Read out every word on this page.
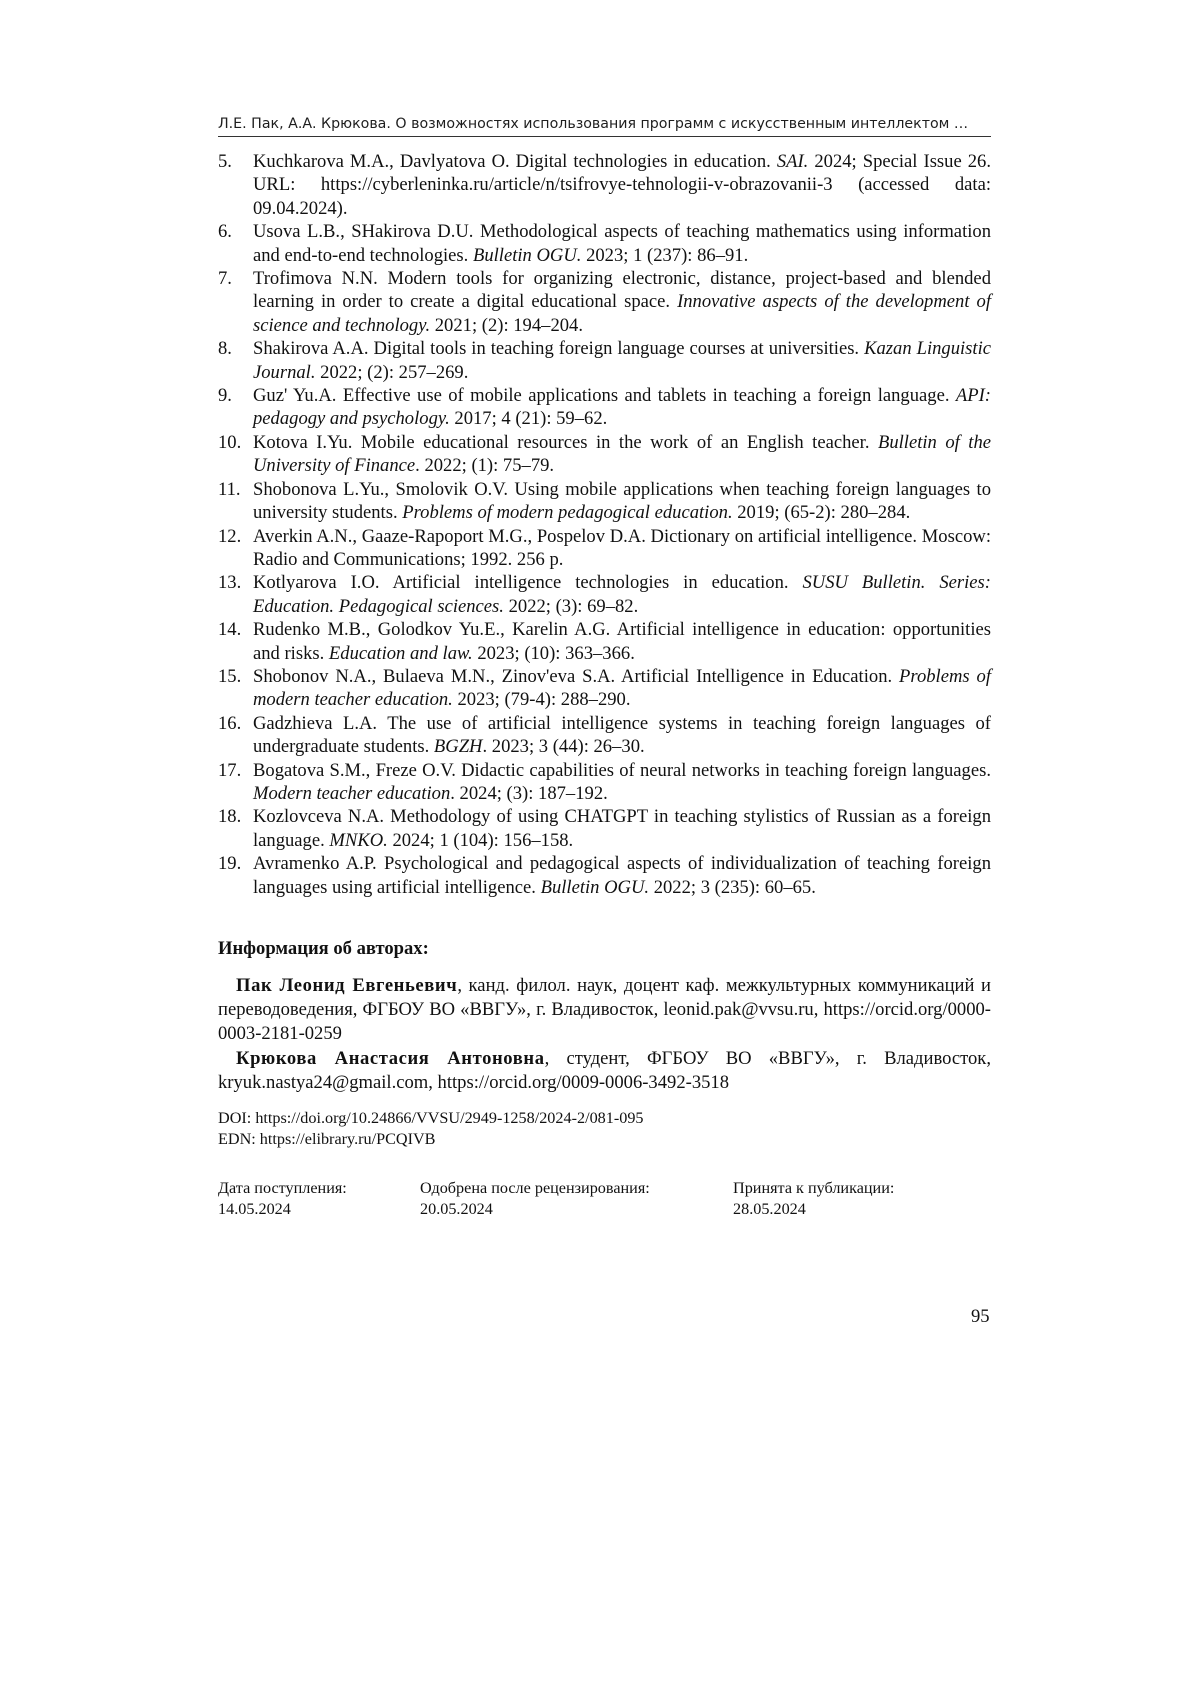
Л.Е. Пак, А.А. Крюкова. О возможностях использования программ с искусственным интеллектом …
5. Kuchkarova M.A., Davlyatova O. Digital technologies in education. SAI. 2024; Special Issue 26. URL: https://cyberleninka.ru/article/n/tsifrovye-tehnologii-v-obrazovanii-3 (accessed data: 09.04.2024).
6. Usova L.B., SHakirova D.U. Methodological aspects of teaching mathematics using information and end-to-end technologies. Bulletin OGU. 2023; 1 (237): 86–91.
7. Trofimova N.N. Modern tools for organizing electronic, distance, project-based and blended learning in order to create a digital educational space. Innovative aspects of the development of science and technology. 2021; (2): 194–204.
8. Shakirova A.A. Digital tools in teaching foreign language courses at universities. Kazan Linguistic Journal. 2022; (2): 257–269.
9. Guz' Yu.A. Effective use of mobile applications and tablets in teaching a foreign language. API: pedagogy and psychology. 2017; 4 (21): 59–62.
10. Kotova I.Yu. Mobile educational resources in the work of an English teacher. Bulletin of the University of Finance. 2022; (1): 75–79.
11. Shobonova L.Yu., Smolovik O.V. Using mobile applications when teaching foreign languages to university students. Problems of modern pedagogical education. 2019; (65-2): 280–284.
12. Averkin A.N., Gaaze-Rapoport M.G., Pospelov D.A. Dictionary on artificial intelligence. Moscow: Radio and Communications; 1992. 256 p.
13. Kotlyarova I.O. Artificial intelligence technologies in education. SUSU Bulletin. Series: Education. Pedagogical sciences. 2022; (3): 69–82.
14. Rudenko M.B., Golodkov Yu.E., Karelin A.G. Artificial intelligence in education: opportunities and risks. Education and law. 2023; (10): 363–366.
15. Shobonov N.A., Bulaeva M.N., Zinov'eva S.A. Artificial Intelligence in Education. Problems of modern teacher education. 2023; (79-4): 288–290.
16. Gadzhieva L.A. The use of artificial intelligence systems in teaching foreign languages of undergraduate students. BGZH. 2023; 3 (44): 26–30.
17. Bogatova S.M., Freze O.V. Didactic capabilities of neural networks in teaching foreign languages. Modern teacher education. 2024; (3): 187–192.
18. Kozlovceva N.A. Methodology of using CHATGPT in teaching stylistics of Russian as a foreign language. MNKO. 2024; 1 (104): 156–158.
19. Avramenko A.P. Psychological and pedagogical aspects of individualization of teaching foreign languages using artificial intelligence. Bulletin OGU. 2022; 3 (235): 60–65.
Информация об авторах:

Пак Леонид Евгеньевич, канд. филол. наук, доцент каф. межкультурных коммуникаций и переводоведения, ФГБОУ ВО «ВВГУ», г. Владивосток, leonid.pak@vvsu.ru, https://orcid.org/0000-0003-2181-0259

Крюкова Анастасия Антоновна, студент, ФГБОУ ВО «ВВГУ», г. Владивосток, kryuk.nastya24@gmail.com, https://orcid.org/0009-0006-3492-3518

DOI: https://doi.org/10.24866/VVSU/2949-1258/2024-2/081-095
EDN: https://elibrary.ru/PCQIVB
Дата поступления:
14.05.2024
Одобрена после рецензирования:
20.05.2024
Принята к публикации:
28.05.2024
95
